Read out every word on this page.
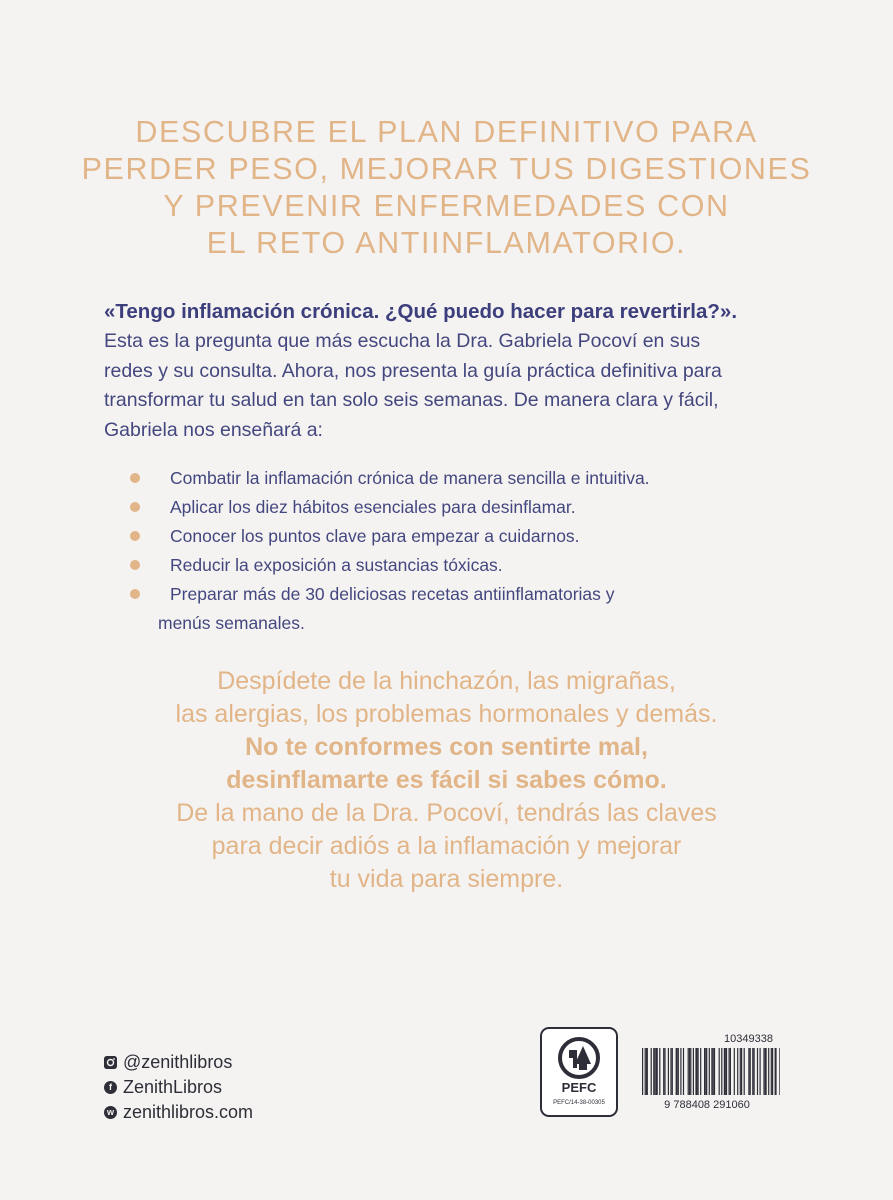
DESCUBRE EL PLAN DEFINITIVO PARA
PERDER PESO, MEJORAR TUS DIGESTIONES
Y PREVENIR ENFERMEDADES CON
EL RETO ANTIINFLAMATORIO.

«Tengo inflamación crónica. ¿Qué puedo hacer para revertirla?».

Esta es la pregunta que más escucha la Dra. Gabriela Pocoví en sus
redes y su consulta. Ahora, nos presenta la guía práctica definitiva para
transformar tu salud en tan solo seis semanas. De manera clara y fácil,
Gabriela nos enseñará a:

Combatir la inflamación crónica de manera sencilla e intuitiva.
Aplicar los diez hábitos esenciales para desinflamar.
Conocer los puntos clave para empezar a cuidarnos.
Reducir la exposición a sustancias tóxicas.
Preparar más de 30 deliciosas recetas antiinflamatorias y
menús semanales.

Despídete de la hinchazón, las migrañas,
las alergias, los problemas hormonales y demás.
No te conformes con sentirte mal,
desinflamarte es fácil si sabes cómo.
De la mano de la Dra. Pocoví, tendrás las claves
para decir adiós a la inflamación y mejorar
tu vida para siempre.

@zenithlibros
f ZenithLibros
w zenithlibros.com
PEFC
PEFC/14-38-00305
10349338
9 788408 291060
